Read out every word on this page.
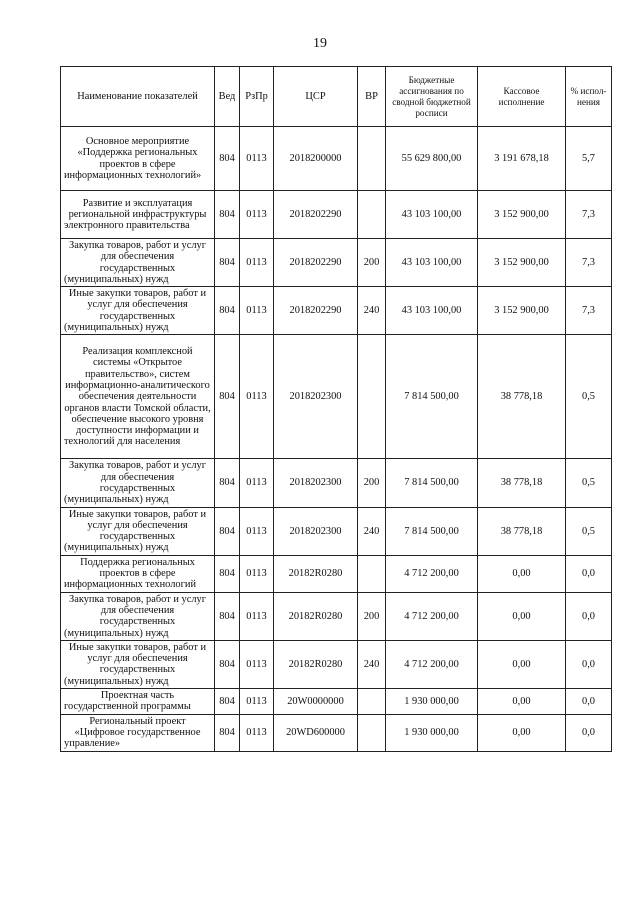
19
Наименование показателей	Вед	РзПр	ЦСР	ВР	Бюджетные ассигнования по сводной бюджетной росписи	Кассовое исполнение	% испол-нения
Основное мероприятие «Поддержка региональных проектов в сфере информационных технологий»	804	0113	2018200000		55 629 800,00	3 191 678,18	5,7
Развитие и эксплуатация региональной инфраструктуры электронного правительства	804	0113	2018202290		43 103 100,00	3 152 900,00	7,3
Закупка товаров, работ и услуг для обеспечения государственных (муниципальных) нужд	804	0113	2018202290	200	43 103 100,00	3 152 900,00	7,3
Иные закупки товаров, работ и услуг для обеспечения государственных (муниципальных) нужд	804	0113	2018202290	240	43 103 100,00	3 152 900,00	7,3
Реализация комплексной системы «Открытое правительство», систем информационно-аналитического обеспечения деятельности органов власти Томской области, обеспечение высокого уровня доступности информации и технологий для населения	804	0113	2018202300		7 814 500,00	38 778,18	0,5
Закупка товаров, работ и услуг для обеспечения государственных (муниципальных) нужд	804	0113	2018202300	200	7 814 500,00	38 778,18	0,5
Иные закупки товаров, работ и услуг для обеспечения государственных (муниципальных) нужд	804	0113	2018202300	240	7 814 500,00	38 778,18	0,5
Поддержка региональных проектов в сфере информационных технологий	804	0113	20182R0280		4 712 200,00	0,00	0,0
Закупка товаров, работ и услуг для обеспечения государственных (муниципальных) нужд	804	0113	20182R0280	200	4 712 200,00	0,00	0,0
Иные закупки товаров, работ и услуг для обеспечения государственных (муниципальных) нужд	804	0113	20182R0280	240	4 712 200,00	0,00	0,0
Проектная часть государственной программы	804	0113	20W0000000		1 930 000,00	0,00	0,0
Региональный проект «Цифровое государственное управление»	804	0113	20WD600000		1 930 000,00	0,00	0,0
